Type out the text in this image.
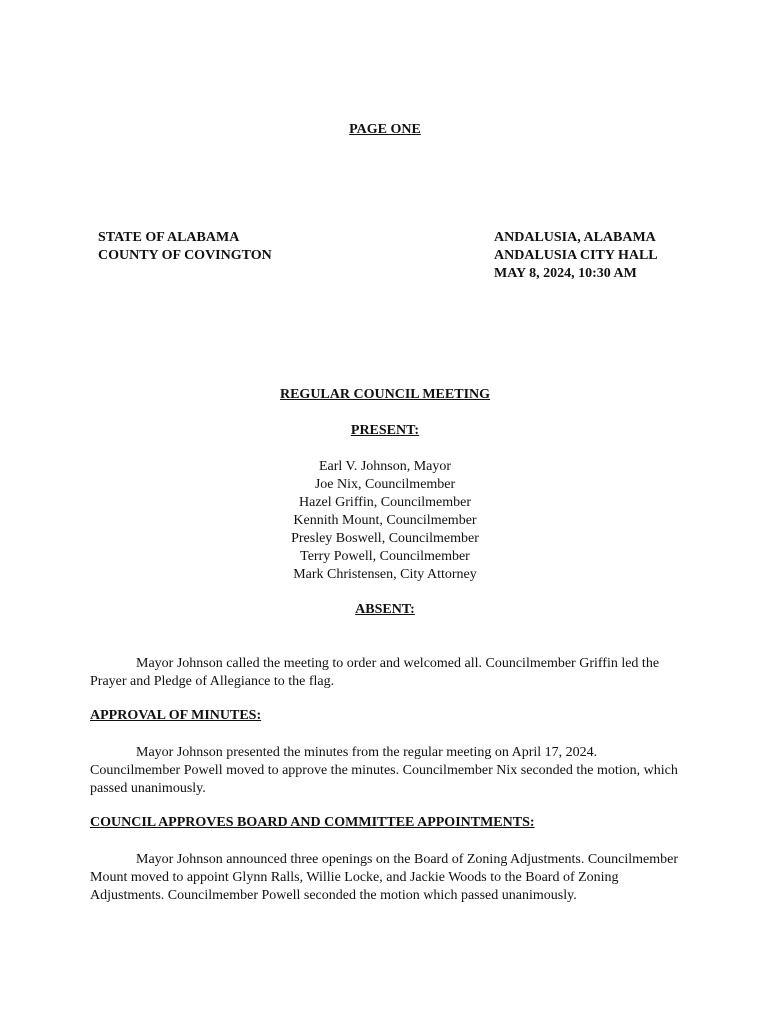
PAGE ONE

STATE OF ALABAMA

COUNTY OF COVINGTON

ANDALUSIA, ALABAMA

ANDALUSIA CITY HALL

MAY 8, 2024, 10:30 AM

REGULAR COUNCIL MEETING
PRESENT:

Earl V. Johnson, Mayor

Joe Nix, Councilmember

Hazel Griffin, Councilmember

Kennith Mount, Councilmember

Presley Boswell, Councilmember

Terry Powell, Councilmember

Mark Christensen, City Attorney

ABSENT:

Mayor Johnson called the meeting to order and welcomed all. Councilmember Griffin led the Prayer and Pledge of Allegiance to the flag.

APPROVAL OF MINUTES:

Mayor Johnson presented the minutes from the regular meeting on April 17, 2024. Councilmember Powell moved to approve the minutes. Councilmember Nix seconded the motion, which passed unanimously.

COUNCIL APPROVES BOARD AND COMMITTEE APPOINTMENTS:

Mayor Johnson announced three openings on the Board of Zoning Adjustments. Councilmember Mount moved to appoint Glynn Ralls, Willie Locke, and Jackie Woods to the Board of Zoning Adjustments. Councilmember Powell seconded the motion which passed unanimously.
